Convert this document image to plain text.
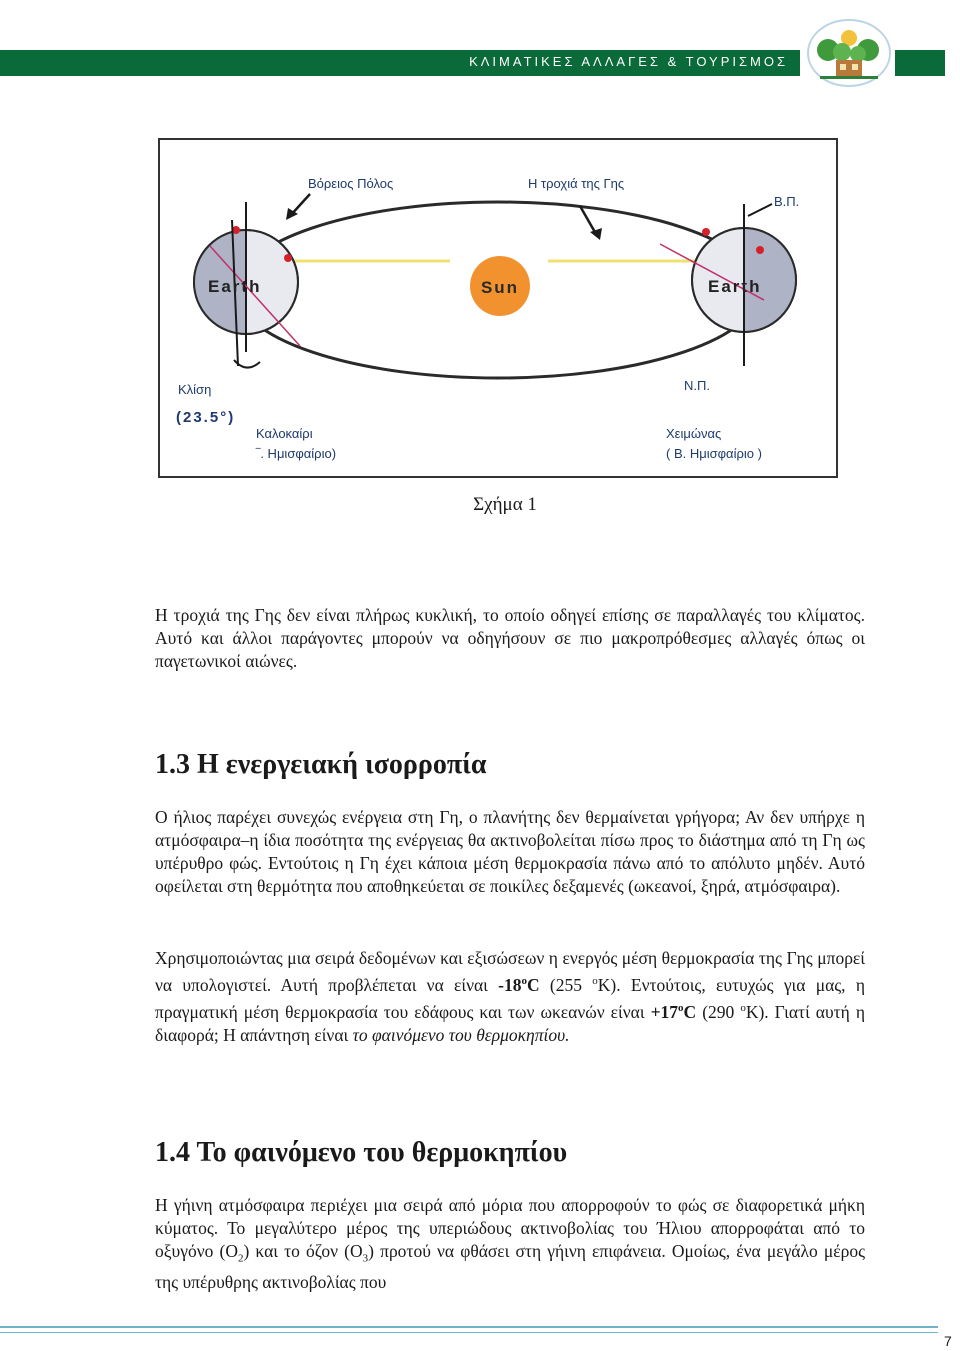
ΚΛΙΜΑΤΙΚΕΣ ΑΛΛΑΓΕΣ & ΤΟΥΡΙΣΜΟΣ
Sun
Earth	Earth
Βόρειος Πόλος	Η τροχιά της Γης
Β.Π.
Ν.Π.
Κλίση
(23.5°)
Καλοκαίρι
‾. Ημισφαίριο)
Χειμώνας
( Β. Ημισφαίριο )
Σχήμα 1

Η τροχιά της Γης δεν είναι πλήρως κυκλική, το οποίο οδηγεί επίσης σε παραλλαγές του κλίματος. Αυτό και άλλοι παράγοντες μπορούν να οδηγήσουν σε πιο μακροπρόθεσμες αλλαγές όπως οι παγετωνικοί αιώνες.

1.3 Η ενεργειακή ισορροπία

Ο ήλιος παρέχει συνεχώς ενέργεια στη Γη, ο πλανήτης δεν θερμαίνεται γρήγορα; Αν δεν υπήρχε η ατμόσφαιρα–η ίδια ποσότητα της ενέργειας θα ακτινοβολείται πίσω προς το διάστημα από τη Γη ως υπέρυθρο φώς. Εντούτοις η Γη έχει κάποια μέση θερμοκρασία πάνω από το απόλυτο μηδέν. Αυτό οφείλεται στη θερμότητα που αποθηκεύεται σε ποικίλες δεξαμενές (ωκεανοί, ξηρά, ατμόσφαιρα).

Χρησιμοποιώντας μια σειρά δεδομένων και εξισώσεων η ενεργός μέση θερμοκρασία της Γης μπορεί να υπολογιστεί. Αυτή προβλέπεται να είναι -18$^o$C (255 $^o$K). Εντούτοις, ευτυχώς για μας, η πραγματική μέση θερμοκρασία του εδάφους και των ωκεανών $\varepsilon ί\nu\alpha\iota +17^oC$ (290 $^o$K). Γιατί αυτή η διαφορά; Η απάντηση είναι το φαινόμενο του θερμοκηπίου.

1.4 Το φαινόμενο του θερμοκηπίου

Η γήινη ατμόσφαιρα περιέχει μια σειρά από μόρια που απορροφούν το φώς σε διαφορετικά μήκη κύματος. Το μεγαλύτερο μέρος της υπεριώδους ακτινοβολίας του Ήλιου απορροφάται από το οξυγόνο $(O_2)$ και το όζον $(O_3)$ προτού να φθάσει στη γήινη επιφάνεια. Ομοίως, ένα μεγάλο μέρος της υπέρυθρης ακτινοβολίας που

7
